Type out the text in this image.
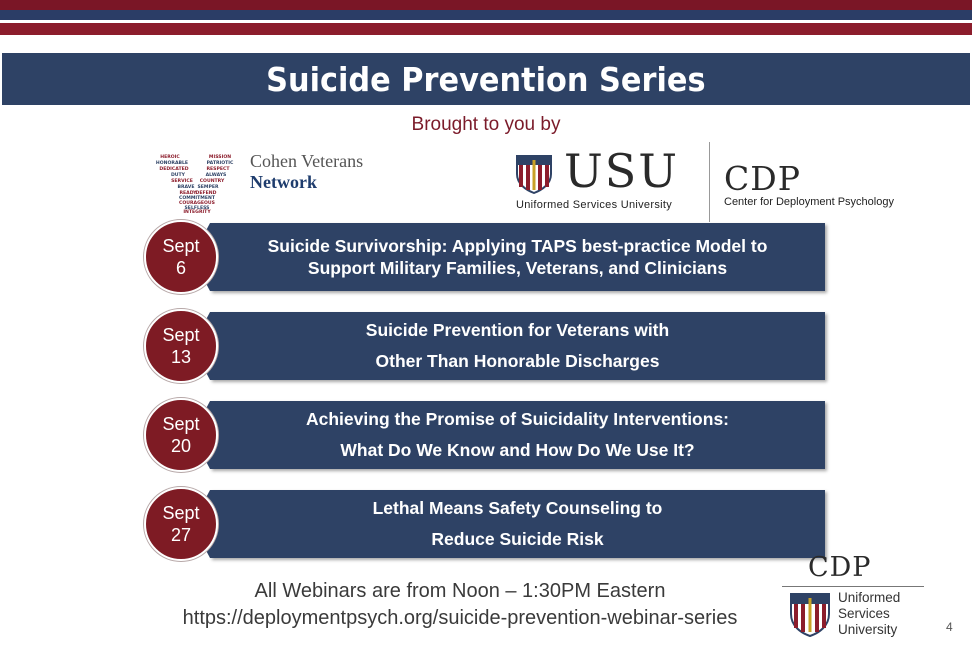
Suicide Prevention Series
Brought to you by
HEROIC	MISSION
HONORABLE	PATRIOTIC
DEDICATED	RESPECT
DUTY	ALWAYS
SERVICE COUNTRY
BRAVE SEMPER
READY DEFEND
COMMITMENT
COURAGEOUS
SELFLESS
INTEGRITY
Cohen Veterans
Network	USU
Uniformed Services University
CDP
Center for Deployment Psychology
Sept
6
Suicide Survivorship: Applying TAPS best-practice Model to
Support Military Families, Veterans, and Clinicians
Sept
13
Suicide Prevention for Veterans with
Other Than Honorable Discharges
Sept
20
Achieving the Promise of Suicidality Interventions:
What Do We Know and How Do We Use It?
Sept
27
Lethal Means Safety Counseling to
Reduce Suicide Risk
All Webinars are from Noon – 1:30PM Eastern
https://deploymentpsych.org/suicide-prevention-webinar-series
CDP
Uniformed
Services
University	4
